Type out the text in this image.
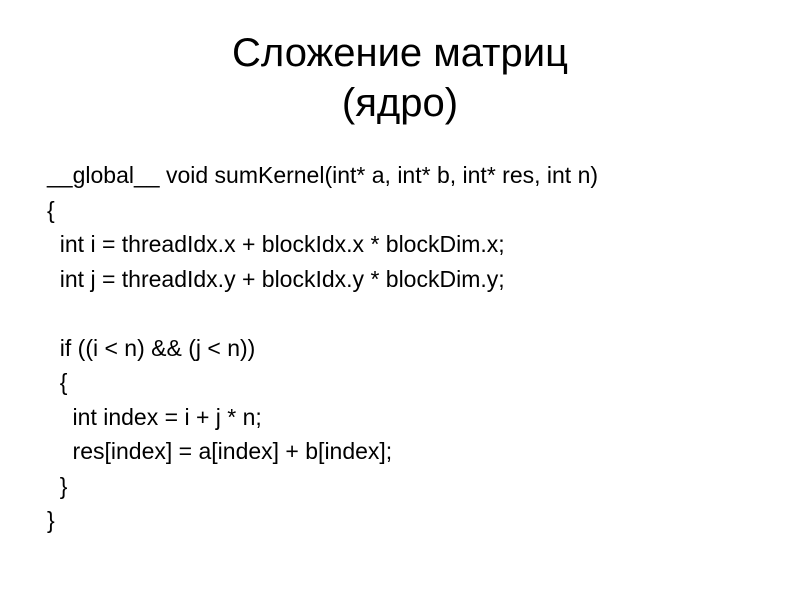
Сложение матриц
(ядро)
__global__ void sumKernel(int* a, int* b, int* res, int n)
{
int i = threadIdx.x + blockIdx.x * blockDim.x;
int j = threadIdx.y + blockIdx.y * blockDim.y;
if ((i < n) && (j < n))
{
int index = i + j * n;
res[index] = a[index] + b[index];
}
}
